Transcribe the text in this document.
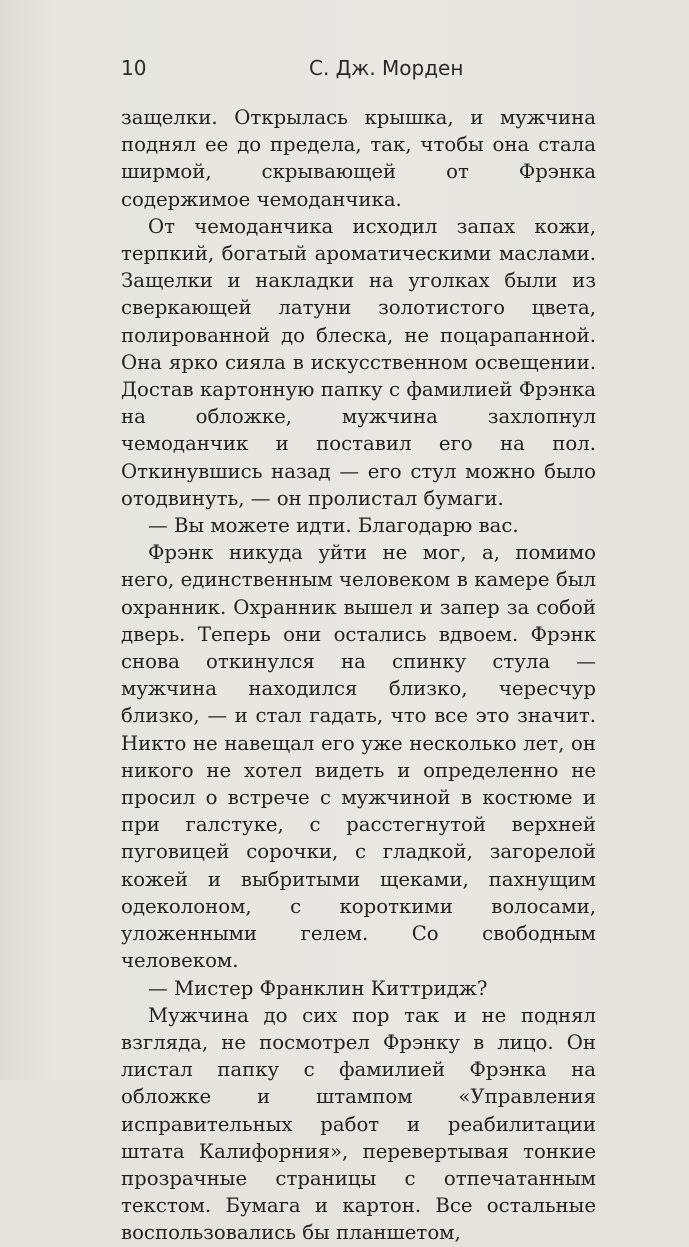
10	С. Дж. Морден

защелки. Открылась крышка, и мужчина поднял ее до предела, так, чтобы она стала ширмой, скрывающей от Фрэнка содержимое чемоданчика.

От чемоданчика исходил запах кожи, терпкий, богатый ароматическими маслами. Защелки и накладки на уголках были из сверкающей латуни золотистого цвета, полированной до блеска, не поцарапанной. Она ярко сияла в искусственном освещении. Достав картонную папку с фамилией Фрэнка на обложке, мужчина захлопнул чемоданчик и поставил его на пол. Откинувшись назад — его стул можно было отодвинуть, — он пролистал бумаги.

— Вы можете идти. Благодарю вас.

Фрэнк никуда уйти не мог, а, помимо него, единственным человеком в камере был охранник. Охранник вышел и запер за собой дверь. Теперь они остались вдвоем. Фрэнк снова откинулся на спинку стула — мужчина находился близко, чересчур близко, — и стал гадать, что все это значит. Никто не навещал его уже несколько лет, он никого не хотел видеть и определенно не просил о встрече с мужчиной в костюме и при галстуке, с расстегнутой верхней пуговицей сорочки, с гладкой, загорелой кожей и выбритыми щеками, пахнущим одеколоном, с короткими волосами, уложенными гелем. Со свободным человеком.

— Мистер Франклин Киттридж?

Мужчина до сих пор так и не поднял взгляда, не посмотрел Фрэнку в лицо. Он листал папку с фамилией Фрэнка на обложке и штампом «Управления исправительных работ и реабилитации штата Калифорния», перевертывая тонкие прозрачные страницы с отпечатанным текстом. Бумага и картон. Все остальные воспользовались бы планшетом,
